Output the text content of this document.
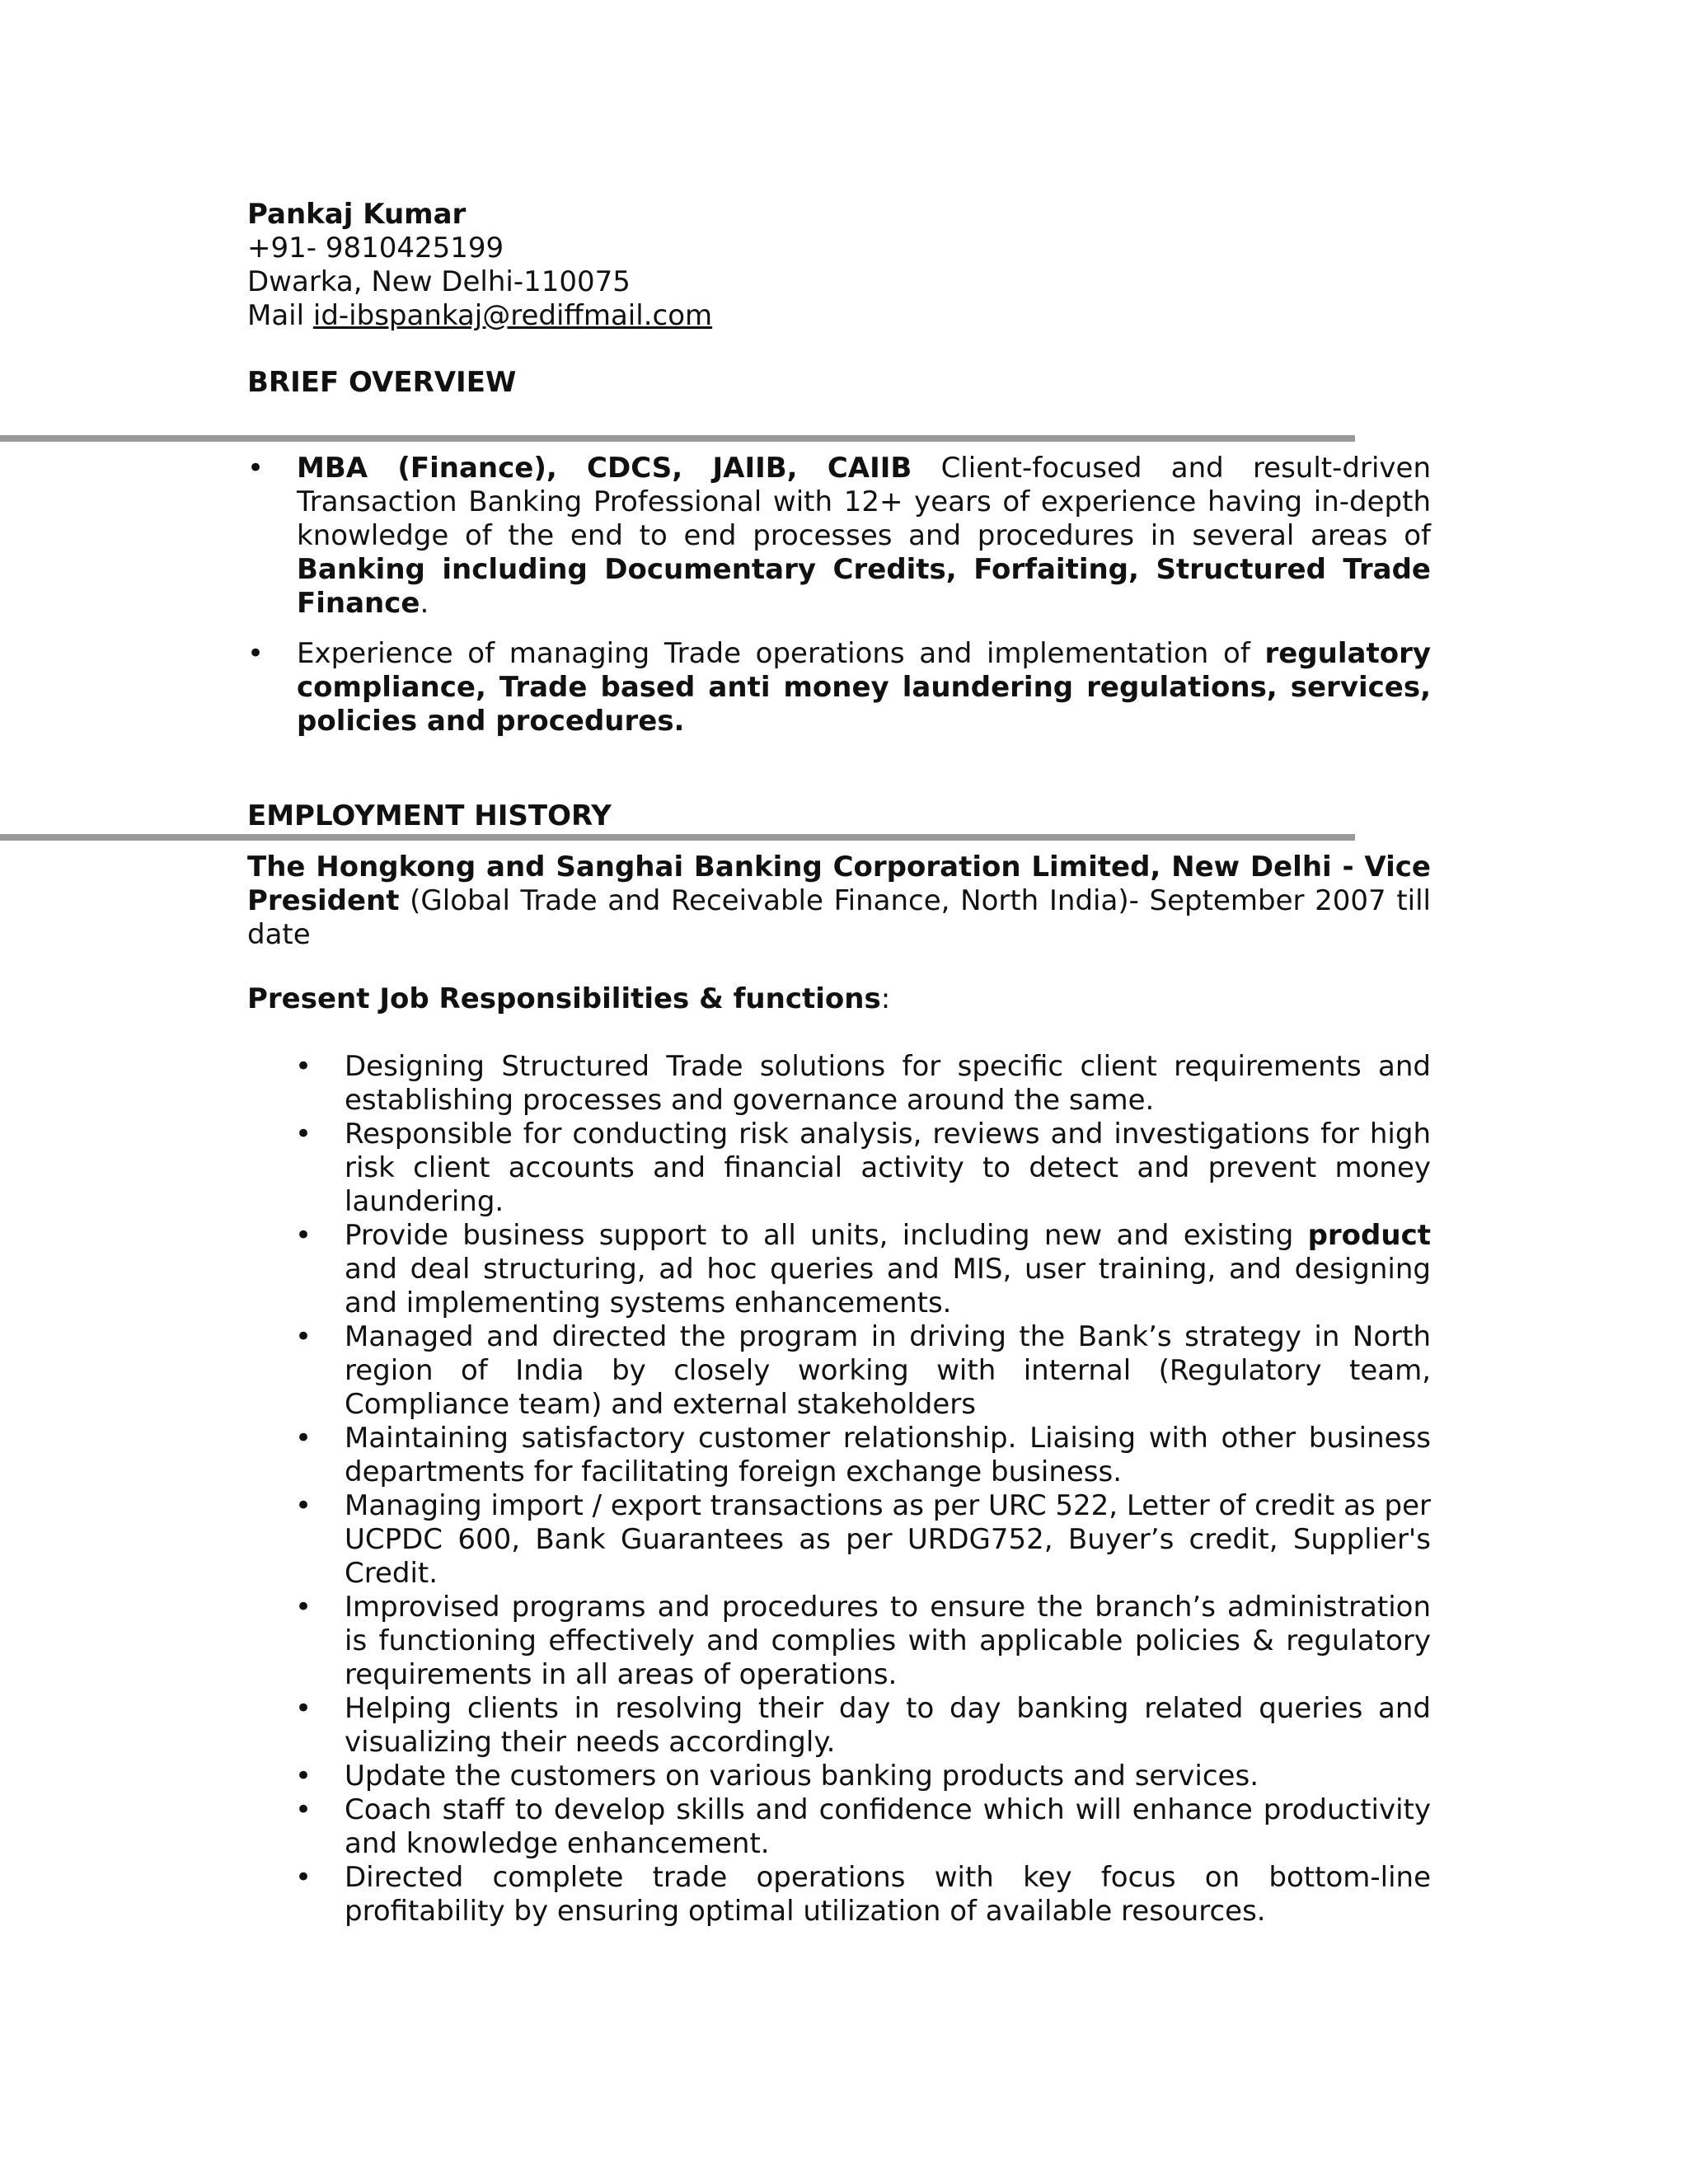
Pankaj Kumar
+91- 9810425199
Dwarka, New Delhi-110075
Mail id-ibspankaj@rediffmail.com
BRIEF OVERVIEW
• MBA (Finance), CDCS, JAIIB, CAIIB Client-focused and result-driven Transaction Banking Professional with 12+ years of experience having in-depth knowledge of the end to end processes and procedures in several areas of Banking including Documentary Credits, Forfaiting, Structured Trade Finance.
• Experience of managing Trade operations and implementation of regulatory compliance, Trade based anti money laundering regulations, services, policies and procedures.
EMPLOYMENT HISTORY
The Hongkong and Sanghai Banking Corporation Limited, New Delhi - Vice President (Global Trade and Receivable Finance, North India)- September 2007 till date
Present Job Responsibilities & functions:
• Designing Structured Trade solutions for specific client requirements and establishing processes and governance around the same.
• Responsible for conducting risk analysis, reviews and investigations for high risk client accounts and financial activity to detect and prevent money laundering.
• Provide business support to all units, including new and existing product and deal structuring, ad hoc queries and MIS, user training, and designing and implementing systems enhancements.
• Managed and directed the program in driving the Bank’s strategy in North region of India by closely working with internal (Regulatory team, Compliance team) and external stakeholders
• Maintaining satisfactory customer relationship. Liaising with other business departments for facilitating foreign exchange business.
• Managing import / export transactions as per URC 522, Letter of credit as per UCPDC 600, Bank Guarantees as per URDG752, Buyer’s credit, Supplier's Credit.
• Improvised programs and procedures to ensure the branch’s administration is functioning effectively and complies with applicable policies & regulatory requirements in all areas of operations.
• Helping clients in resolving their day to day banking related queries and visualizing their needs accordingly.
• Update the customers on various banking products and services.
• Coach staff to develop skills and confidence which will enhance productivity and knowledge enhancement.
• Directed complete trade operations with key focus on bottom-line profitability by ensuring optimal utilization of available resources.
